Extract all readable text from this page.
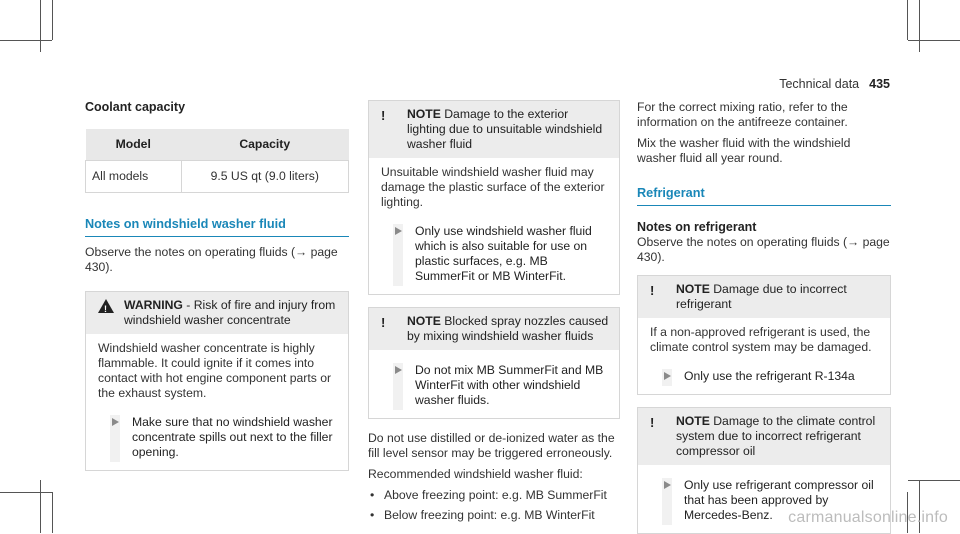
Technical data 435
Coolant capacity
Model	Capacity
All models	9.5 US qt (9.0 liters)
Notes on windshield washer fluid

Observe the notes on operating fluids (→ page 430).

! WARNING - Risk of fire and injury from windshield washer concentrate

Windshield washer concentrate is highly flammable. It could ignite if it comes into contact with hot engine component parts or the exhaust system.

Make sure that no windshield washer concentrate spills out next to the filler opening.
! NOTE Damage to the exterior lighting due to unsuitable windshield washer fluid

Unsuitable windshield washer fluid may damage the plastic surface of the exterior lighting.

Only use windshield washer fluid which is also suitable for use on plastic surfaces, e.g. MB SummerFit or MB WinterFit.
! NOTE Blocked spray nozzles caused by mixing windshield washer fluids
Do not mix MB SummerFit and MB WinterFit with other windshield washer fluids.

Do not use distilled or de-ionized water as the fill level sensor may be triggered erroneously.

Recommended windshield washer fluid:

• Above freezing point: e.g. MB SummerFit
• Below freezing point: e.g. MB WinterFit

For the correct mixing ratio, refer to the information on the antifreeze container.

Mix the washer fluid with the windshield washer fluid all year round.

Refrigerant
Notes on refrigerant

Observe the notes on operating fluids (→ page 430).

! NOTE Damage due to incorrect refrigerant

If a non-approved refrigerant is used, the climate control system may be damaged.

Only use the refrigerant R-134a
! NOTE Damage to the climate control system due to incorrect refrigerant compressor oil
Only use refrigerant compressor oil that has been approved by Mercedes-Benz. carmanualsonline.info
